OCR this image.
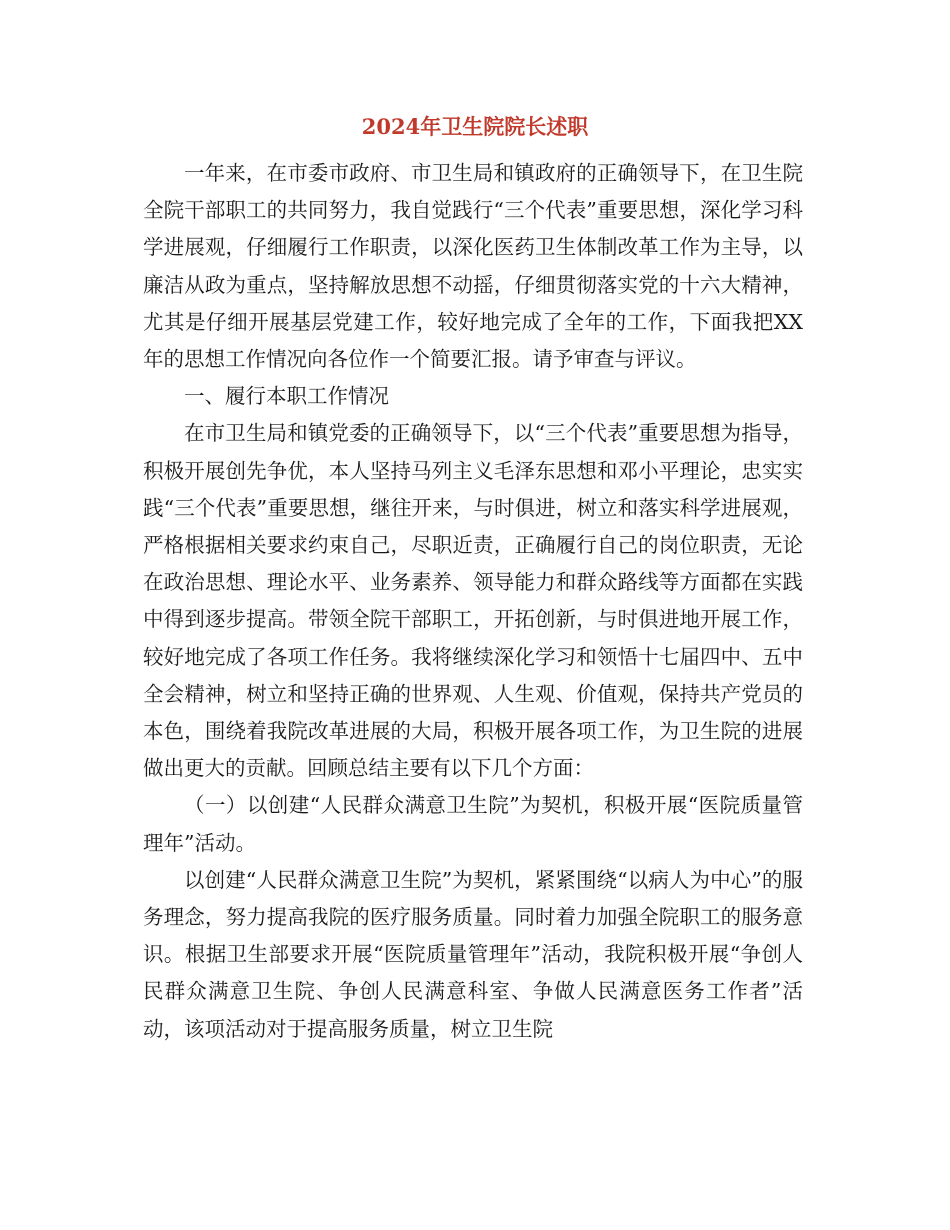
2024年卫生院院长述职

一年来，在市委市政府、市卫生局和镇政府的正确领导下，在卫生院全院干部职工的共同努力，我自觉践行“三个代表”重要思想，深化学习科学进展观，仔细履行工作职责，以深化医药卫生体制改革工作为主导，以廉洁从政为重点，坚持解放思想不动摇，仔细贯彻落实党的十六大精神，尤其是仔细开展基层党建工作，较好地完成了全年的工作，下面我把XX年的思想工作情况向各位作一个简要汇报。请予审查与评议。

一、履行本职工作情况

在市卫生局和镇党委的正确领导下，以“三个代表”重要思想为指导，积极开展创先争优，本人坚持马列主义毛泽东思想和邓小平理论，忠实实践“三个代表”重要思想，继往开来，与时俱进，树立和落实科学进展观，严格根据相关要求约束自己，尽职近责，正确履行自己的岗位职责，无论在政治思想、理论水平、业务素养、领导能力和群众路线等方面都在实践中得到逐步提高。带领全院干部职工，开拓创新，与时俱进地开展工作，较好地完成了各项工作任务。我将继续深化学习和领悟十七届四中、五中全会精神，树立和坚持正确的世界观、人生观、价值观，保持共产党员的本色，围绕着我院改革进展的大局，积极开展各项工作，为卫生院的进展做出更大的贡献。回顾总结主要有以下几个方面：

（一）以创建“人民群众满意卫生院”为契机，积极开展“医院质量管理年”活动。

以创建“人民群众满意卫生院”为契机，紧紧围绕“以病人为中心”的服务理念，努力提高我院的医疗服务质量。同时着力加强全院职工的服务意识。根据卫生部要求开展“医院质量管理年”活动，我院积极开展“争创人民群众满意卫生院、争创人民满意科室、争做人民满意医务工作者”活动，该项活动对于提高服务质量，树立卫生院
